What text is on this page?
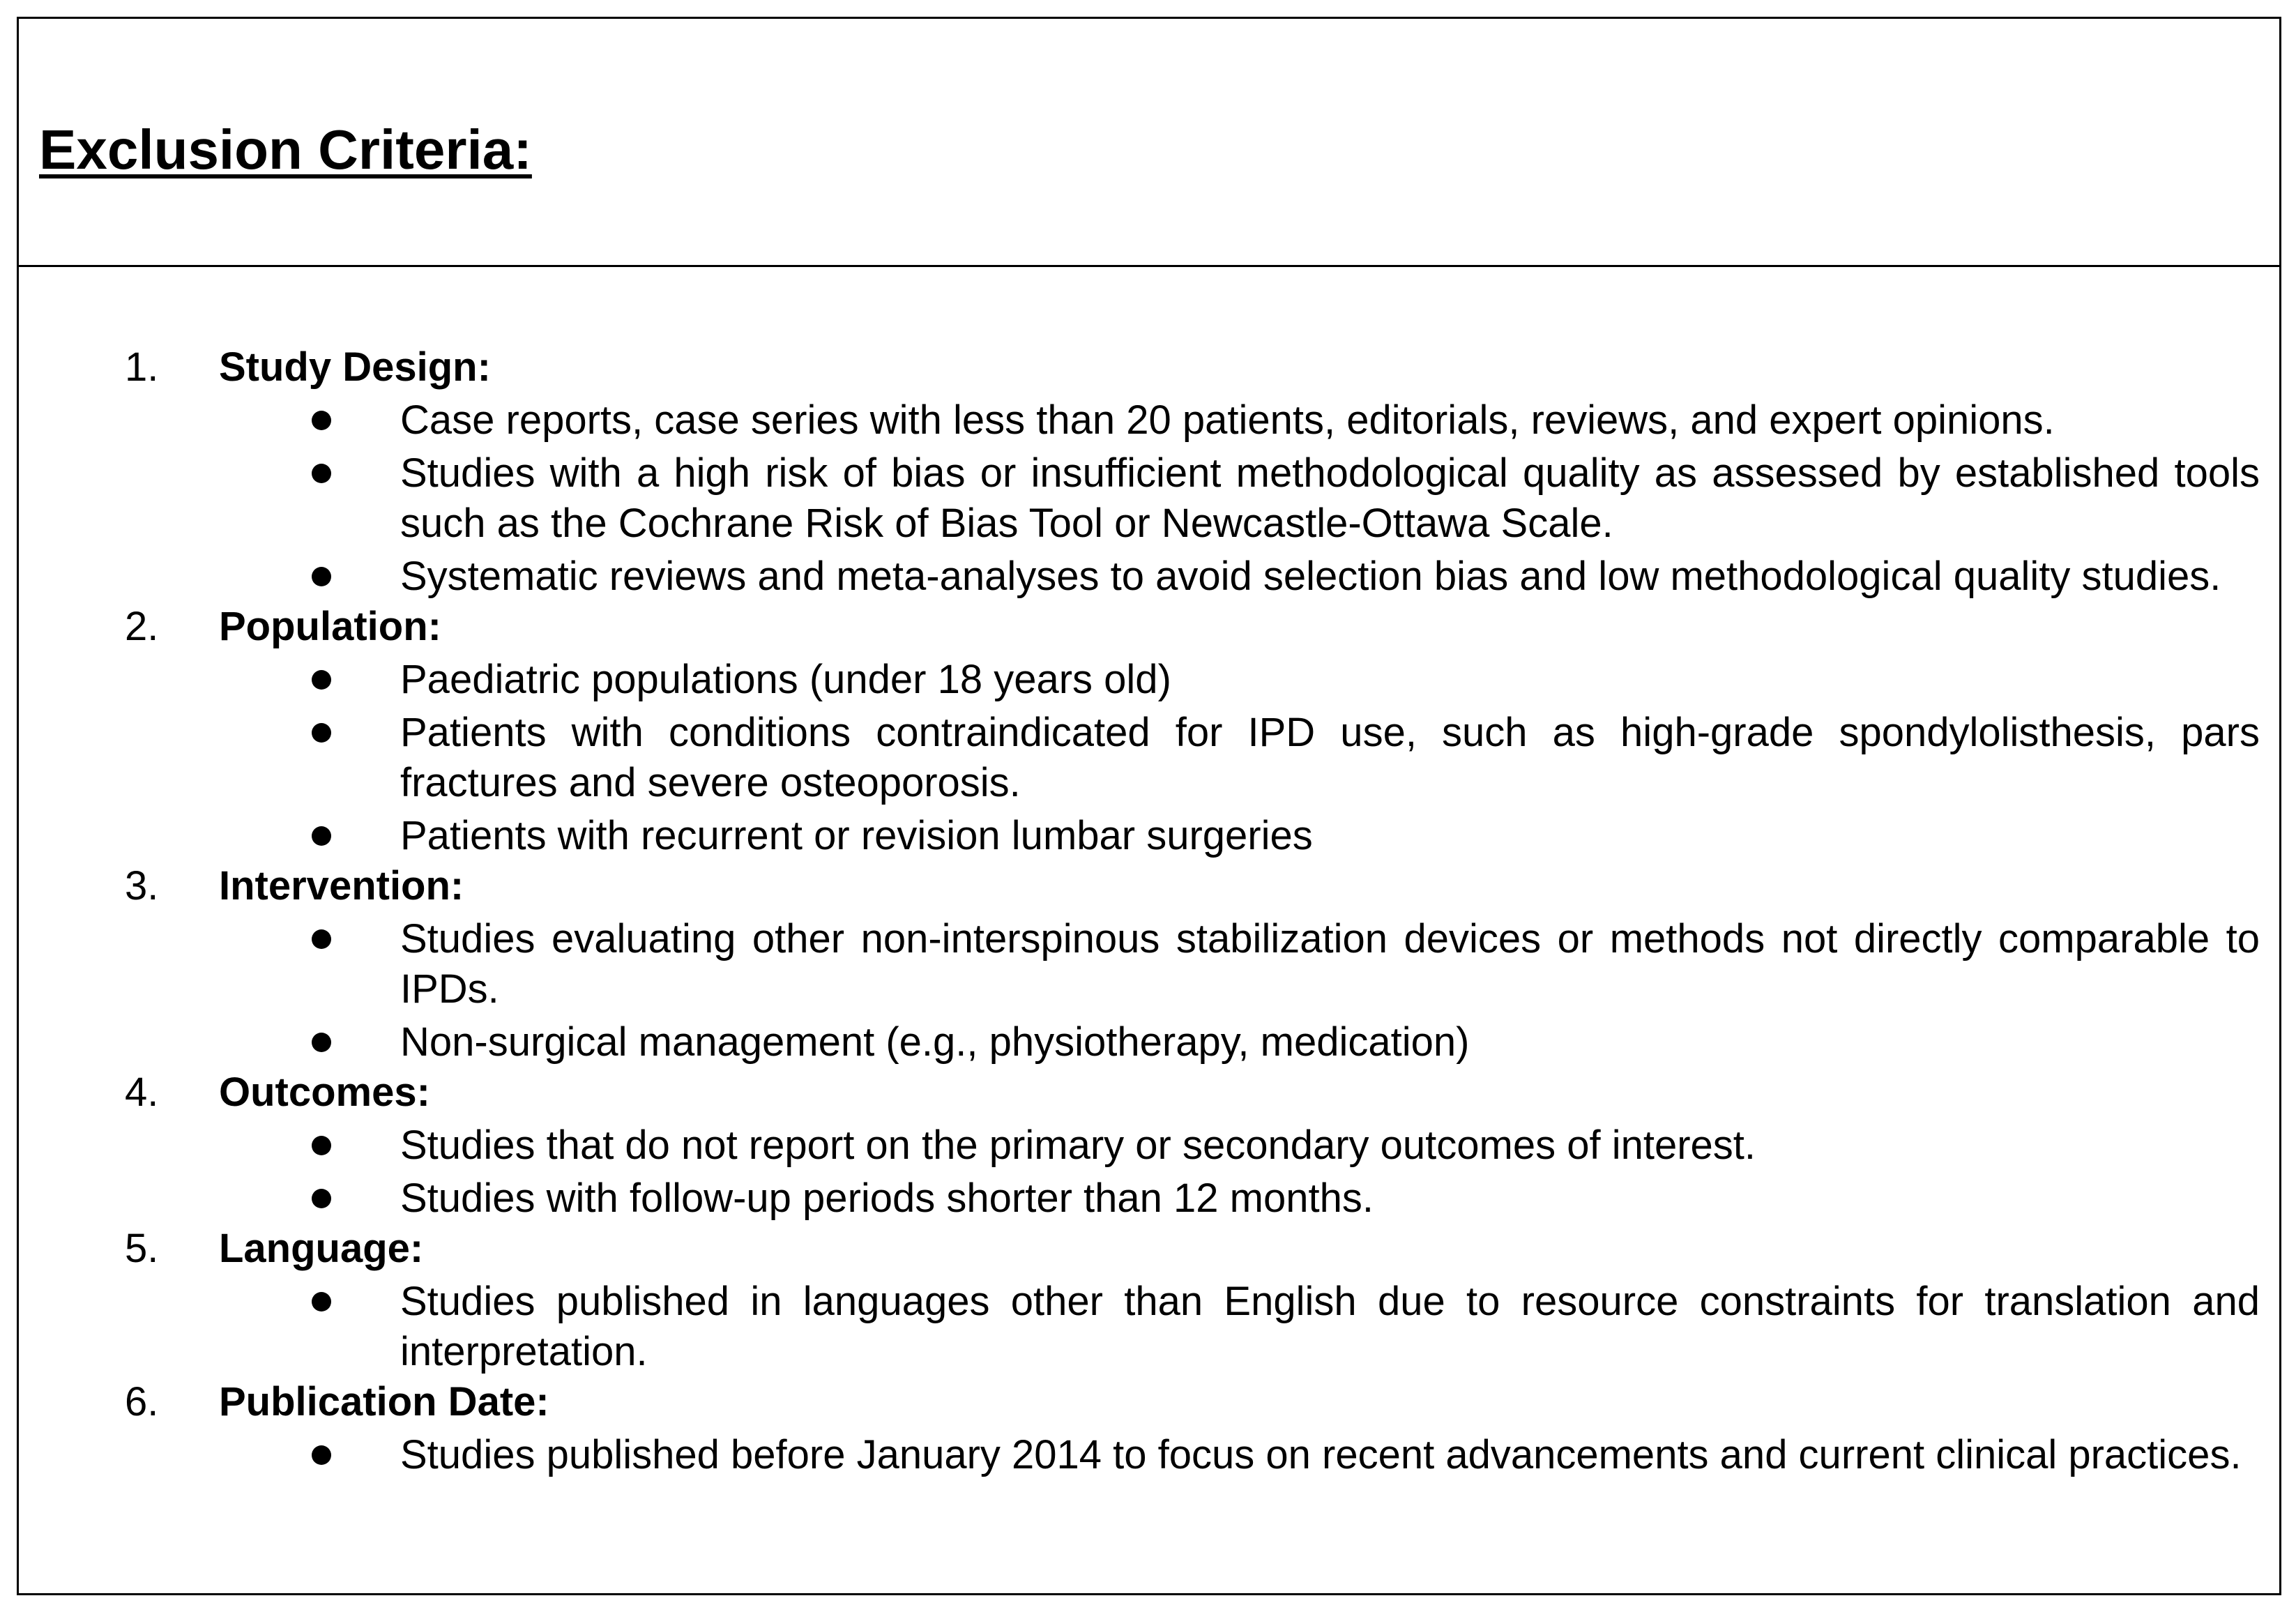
Exclusion Criteria:
1. Study Design:
Case reports, case series with less than 20 patients, editorials, reviews, and expert opinions.
Studies with a high risk of bias or insufficient methodological quality as assessed by established tools such as the Cochrane Risk of Bias Tool or Newcastle-Ottawa Scale.
Systematic reviews and meta-analyses to avoid selection bias and low methodological quality studies.
2. Population:
Paediatric populations (under 18 years old)
Patients with conditions contraindicated for IPD use, such as high-grade spondylolisthesis, pars fractures and severe osteoporosis.
Patients with recurrent or revision lumbar surgeries
3. Intervention:
Studies evaluating other non-interspinous stabilization devices or methods not directly comparable to IPDs.
Non-surgical management (e.g., physiotherapy, medication)
4. Outcomes:
Studies that do not report on the primary or secondary outcomes of interest.
Studies with follow-up periods shorter than 12 months.
5. Language:
Studies published in languages other than English due to resource constraints for translation and interpretation.
6. Publication Date:
Studies published before January 2014 to focus on recent advancements and current clinical practices.
